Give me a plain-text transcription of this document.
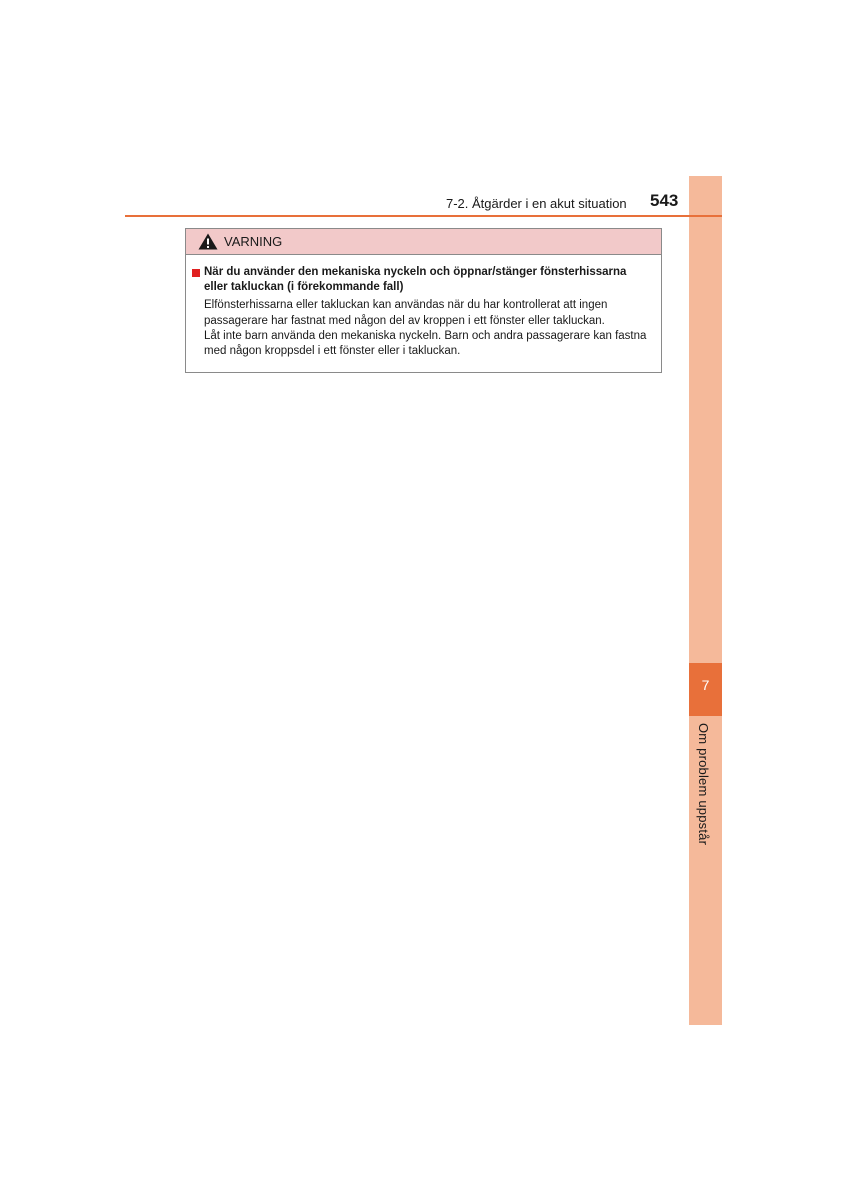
7
Om problem uppstår
7-2. Åtgärder i en akut situation 543
VARNING
När du använder den mekaniska nyckeln och öppnar/stänger fönsterhissarna eller takluckan (i förekommande fall)

Elfönsterhissarna eller takluckan kan användas när du har kontrollerat att ingen passagerare har fastnat med någon del av kroppen i ett fönster eller takluckan.

Låt inte barn använda den mekaniska nyckeln. Barn och andra passagerare kan fastna med någon kroppsdel i ett fönster eller i takluckan.
